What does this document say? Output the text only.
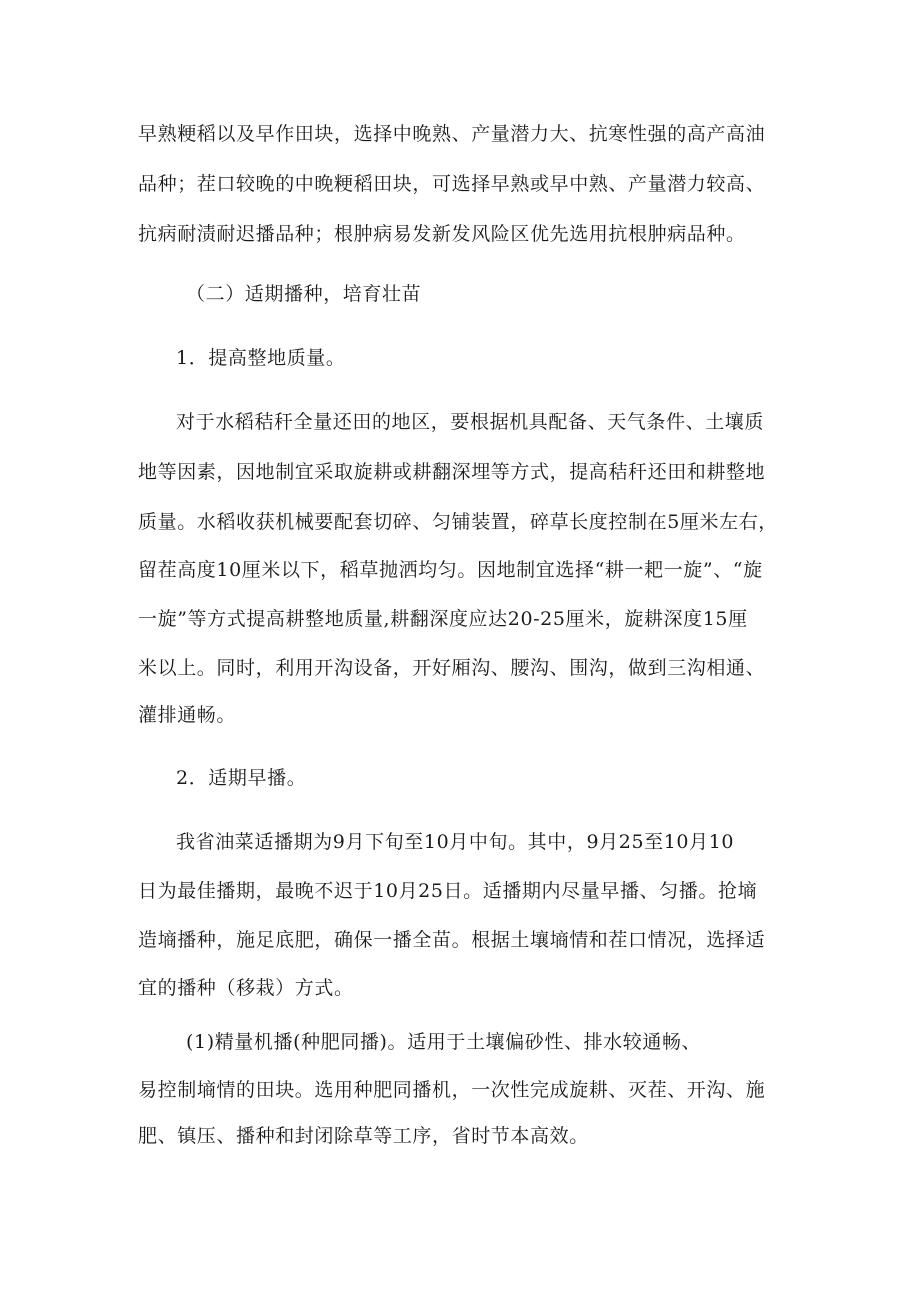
早熟粳稻以及早作田块，选择中晚熟、产量潜力大、抗寒性强的高产高油
品种；茬口较晚的中晚粳稻田块，可选择早熟或早中熟、产量潜力较高、
抗病耐渍耐迟播品种；根肿病易发新发风险区优先选用抗根肿病品种。
（二）适期播种，培育壮苗
1．提高整地质量。
对于水稻秸秆全量还田的地区，要根据机具配备、天气条件、土壤质
地等因素，因地制宜采取旋耕或耕翻深埋等方式，提高秸秆还田和耕整地
质量。水稻收获机械要配套切碎、匀铺装置，碎草长度控制在5厘米左右，
留茬高度10厘米以下，稻草抛洒均匀。因地制宜选择“耕一耙一旋”、“旋
一旋”等方式提高耕整地质量,耕翻深度应达20-25厘米，旋耕深度15厘
米以上。同时，利用开沟设备，开好厢沟、腰沟、围沟，做到三沟相通、
灌排通畅。
2．适期早播。
我省油菜适播期为9月下旬至10月中旬。其中，9月25至10月10
日为最佳播期，最晚不迟于10月25日。适播期内尽量早播、匀播。抢墒
造墒播种，施足底肥，确保一播全苗。根据土壤墒情和茬口情况，选择适
宜的播种（移栽）方式。
(1)精量机播(种肥同播)。适用于土壤偏砂性、排水较通畅、
易控制墒情的田块。选用种肥同播机，一次性完成旋耕、灭茬、开沟、施
肥、镇压、播种和封闭除草等工序，省时节本高效。
